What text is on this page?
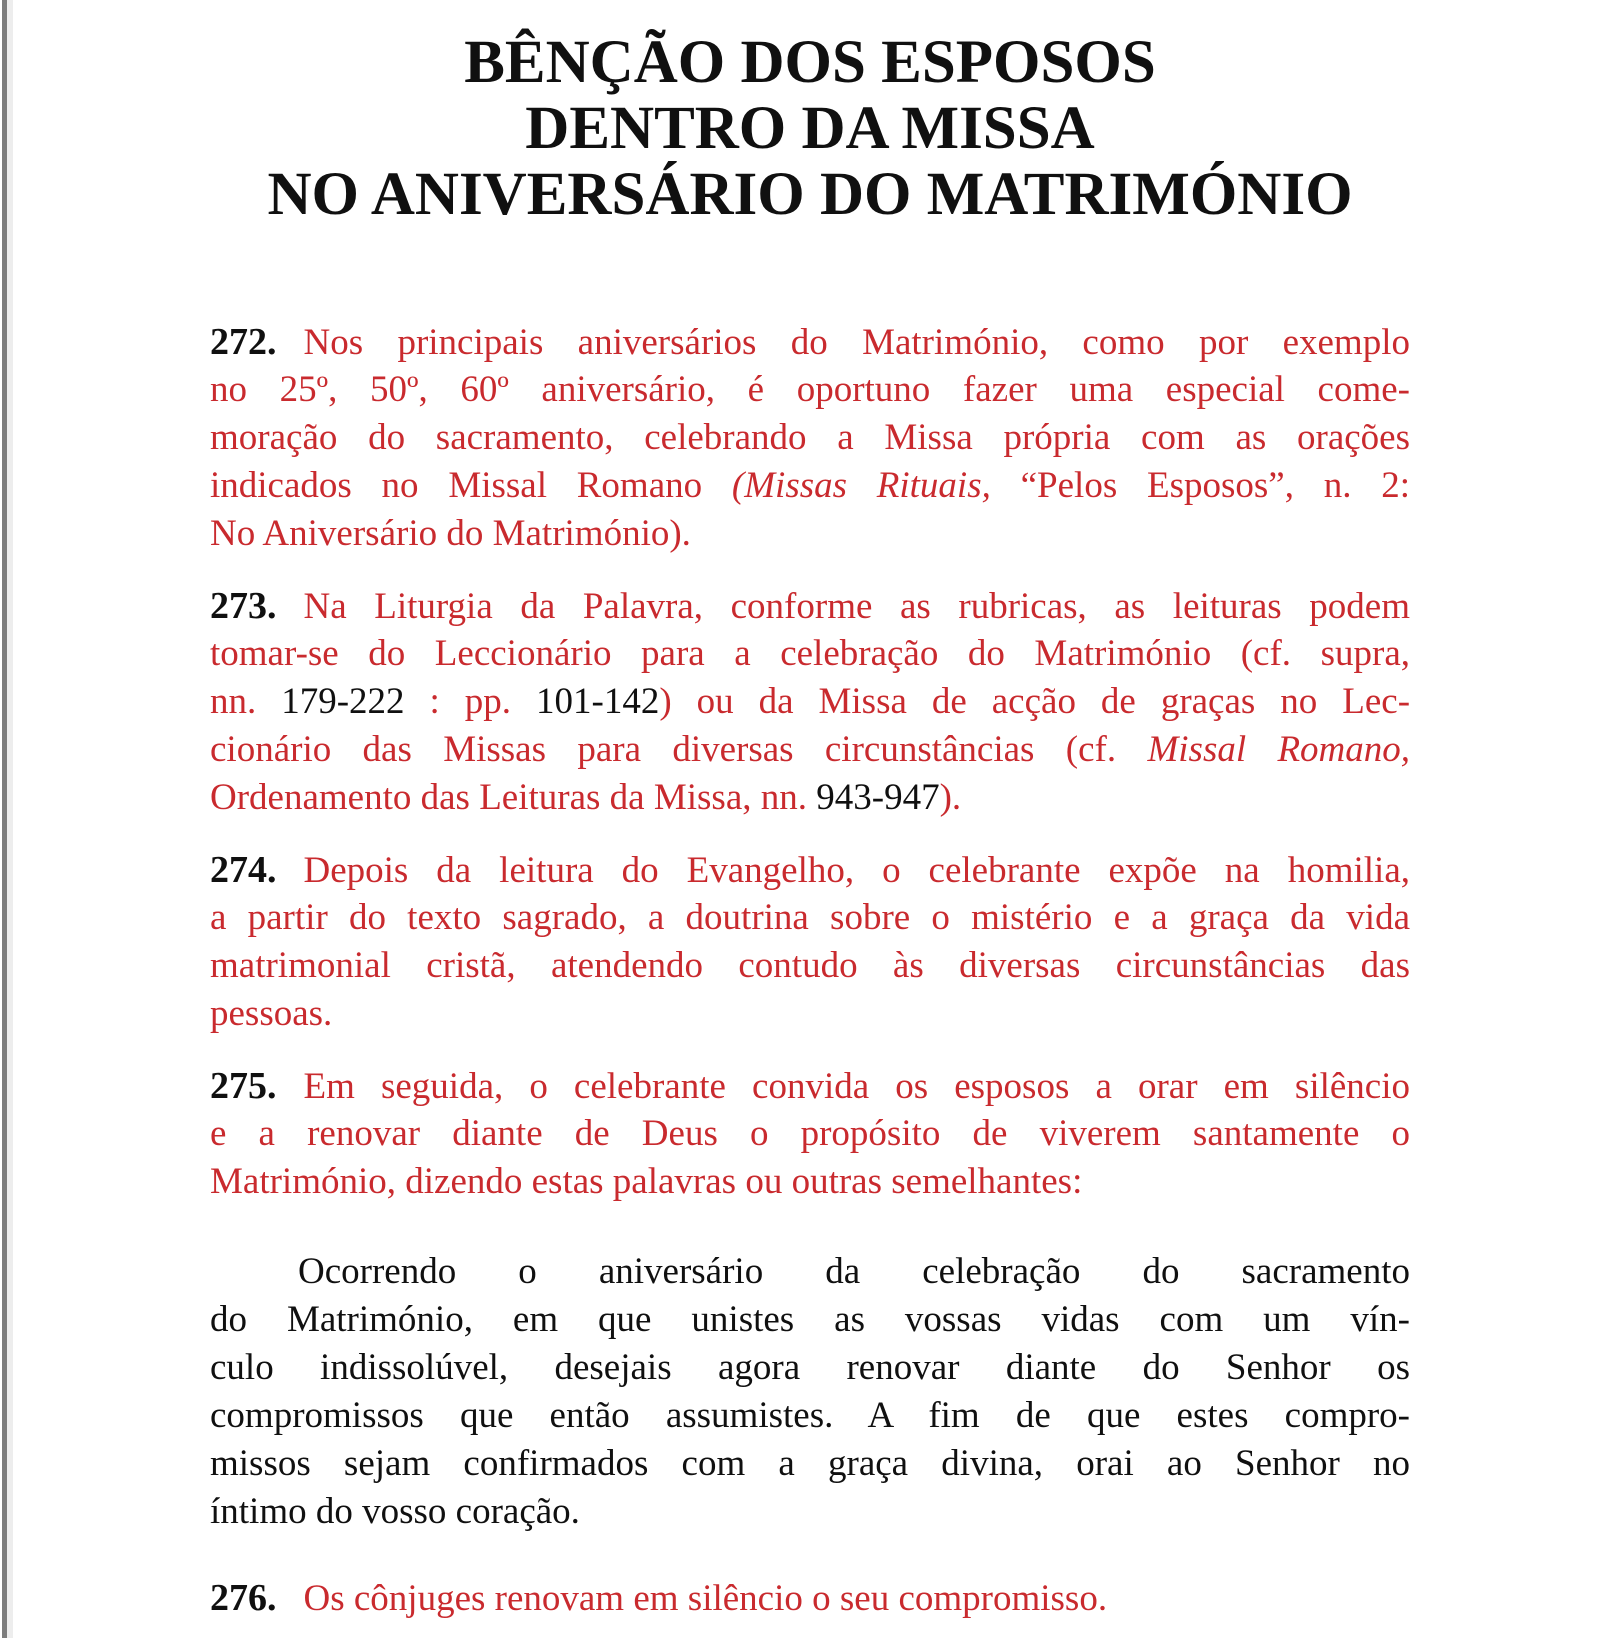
BÊNÇÃO DOS ESPOSOS
DENTRO DA MISSA
NO ANIVERSÁRIO DO MATRIMÓNIO
272. Nos principais aniversários do Matrimónio, como por exemplo
no 25º, 50º, 60º aniversário, é oportuno fazer uma especial come-
moração do sacramento, celebrando a Missa própria com as orações
indicados no Missal Romano (Missas Rituais, “Pelos Esposos”, n. 2:
No Aniversário do Matrimónio).
273. Na Liturgia da Palavra, conforme as rubricas, as leituras podem
tomar-se do Leccionário para a celebração do Matrimónio (cf. supra,
nn. 179-222 : pp. 101-142) ou da Missa de acção de graças no Lec-
cionário das Missas para diversas circunstâncias (cf. Missal Romano,
Ordenamento das Leituras da Missa, nn. 943-947).
274. Depois da leitura do Evangelho, o celebrante expõe na homilia,
a partir do texto sagrado, a doutrina sobre o mistério e a graça da vida
matrimonial cristã, atendendo contudo às diversas circunstâncias das
pessoas.
275. Em seguida, o celebrante convida os esposos a orar em silêncio
e a renovar diante de Deus o propósito de viverem santamente o
Matrimónio, dizendo estas palavras ou outras semelhantes:
Ocorrendo o aniversário da celebração do sacramento
do Matrimónio, em que unistes as vossas vidas com um vín-
culo indissolúvel, desejais agora renovar diante do Senhor os
compromissos que então assumistes. A fim de que estes compro-
missos sejam confirmados com a graça divina, orai ao Senhor no
íntimo do vosso coração.
276. Os cônjuges renovam em silêncio o seu compromisso.
